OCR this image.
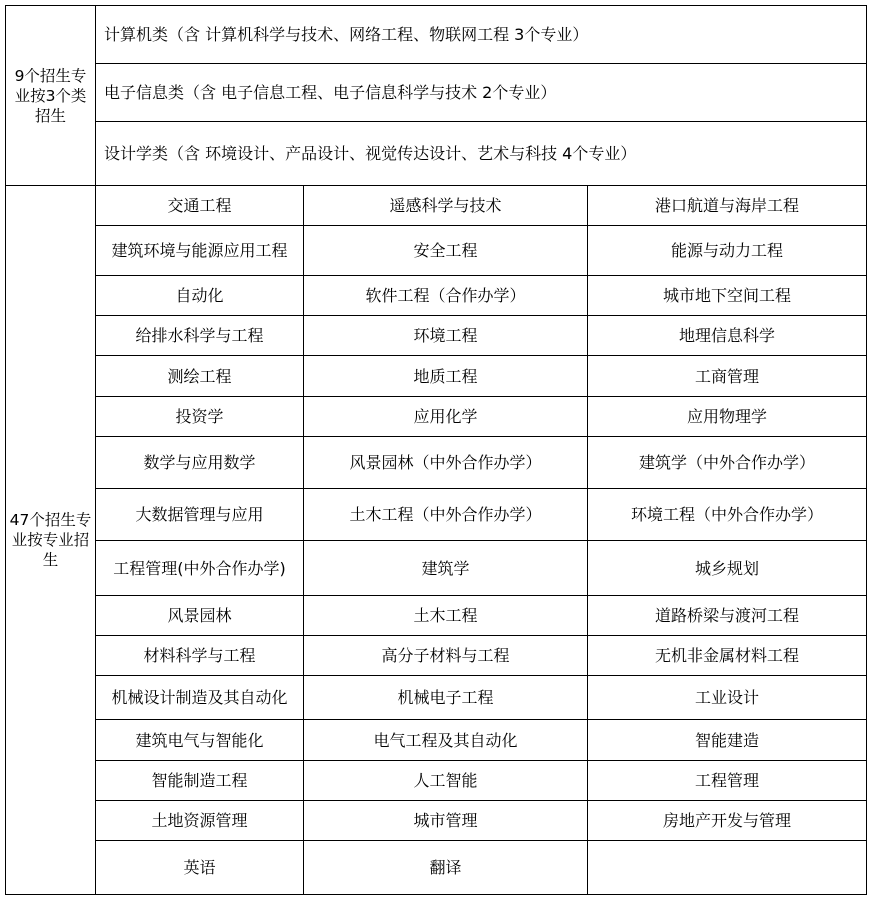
9个招生专业按3个类招生	计算机类（含 计算机科学与技术、网络工程、物联网工程 3个专业）		
	电子信息类（含 电子信息工程、电子信息科学与技术 2个专业）		
	设计学类（含 环境设计、产品设计、视觉传达设计、艺术与科技 4个专业）		
47个招生专业按专业招生	交通工程	遥感科学与技术	港口航道与海岸工程
	建筑环境与能源应用工程	安全工程	能源与动力工程
	自动化	软件工程（合作办学）	城市地下空间工程
	给排水科学与工程	环境工程	地理信息科学
	测绘工程	地质工程	工商管理
	投资学	应用化学	应用物理学
	数学与应用数学	风景园林（中外合作办学）	建筑学（中外合作办学）
	大数据管理与应用	土木工程（中外合作办学）	环境工程（中外合作办学）
	工程管理(中外合作办学)	建筑学	城乡规划
	风景园林	土木工程	道路桥梁与渡河工程
	材料科学与工程	高分子材料与工程	无机非金属材料工程
	机械设计制造及其自动化	机械电子工程	工业设计
	建筑电气与智能化	电气工程及其自动化	智能建造
	智能制造工程	人工智能	工程管理
	土地资源管理	城市管理	房地产开发与管理
	英语	翻译	
